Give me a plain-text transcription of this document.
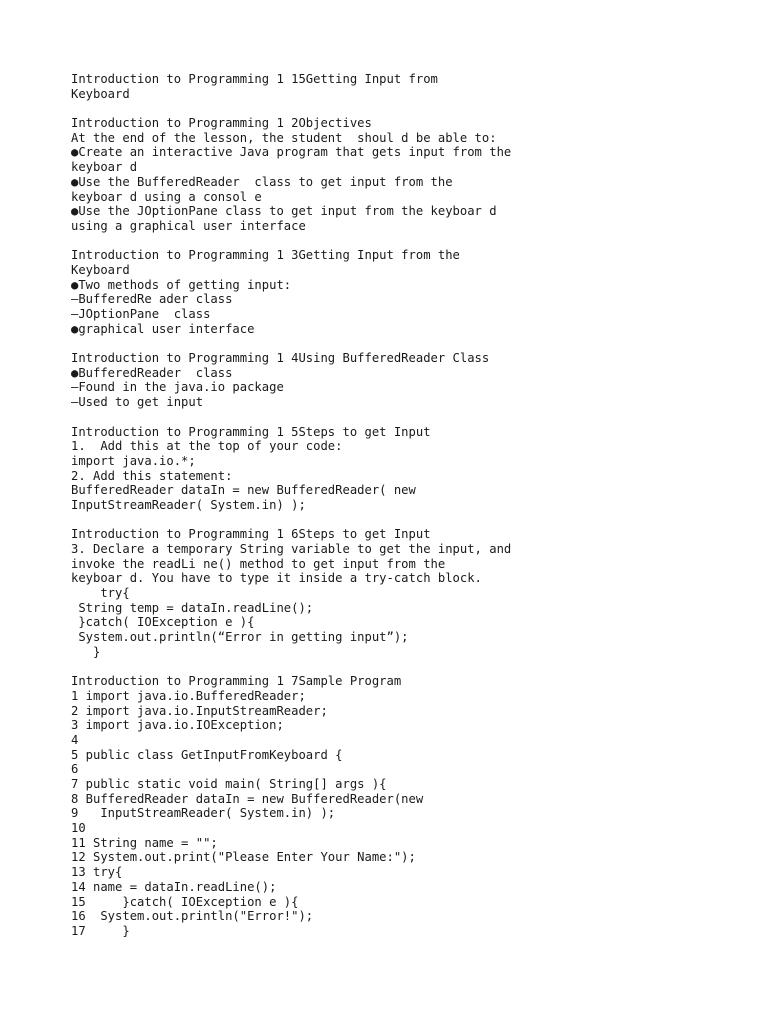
Introduction to Programming 1 15Getting Input from
Keyboard
Introduction to Programming 1 2Objectives
At the end of the lesson, the student  shoul d be able to:
●Create an interactive Java program that gets input from the
keyboar d
●Use the BufferedReader  class to get input from the
keyboar d using a consol e
●Use the JOptionPane class to get input from the keyboar d
using a graphical user interface
Introduction to Programming 1 3Getting Input from the
Keyboard
●Two methods of getting input:
–BufferedRe ader class
–JOptionPane  class
●graphical user interface
Introduction to Programming 1 4Using BufferedReader Class
●BufferedReader  class
–Found in the java.io package
–Used to get input
Introduction to Programming 1 5Steps to get Input
1.  Add this at the top of your code:
import java.io.*;
2. Add this statement:
BufferedReader dataIn = new BufferedReader( new
InputStreamReader( System.in) );
Introduction to Programming 1 6Steps to get Input
3. Declare a temporary String variable to get the input, and
invoke the readLi ne() method to get input from the
keyboar d. You have to type it inside a try-catch block.
try{
String temp = dataIn.readLine();
}catch( IOException e ){
System.out.println(“Error in getting input”);
}
Introduction to Programming 1 7Sample Program
1 import java.io.BufferedReader;
2 import java.io.InputStreamReader;
3 import java.io.IOException;
4
5 public class GetInputFromKeyboard {
6
7 public static void main( String[] args ){
8 BufferedReader dataIn = new BufferedReader(new
9   InputStreamReader( System.in) );
10
11 String name = "";
12 System.out.print("Please Enter Your Name:");
13 try{
14 name = dataIn.readLine();
15     }catch( IOException e ){
16  System.out.println("Error!");
17     }
